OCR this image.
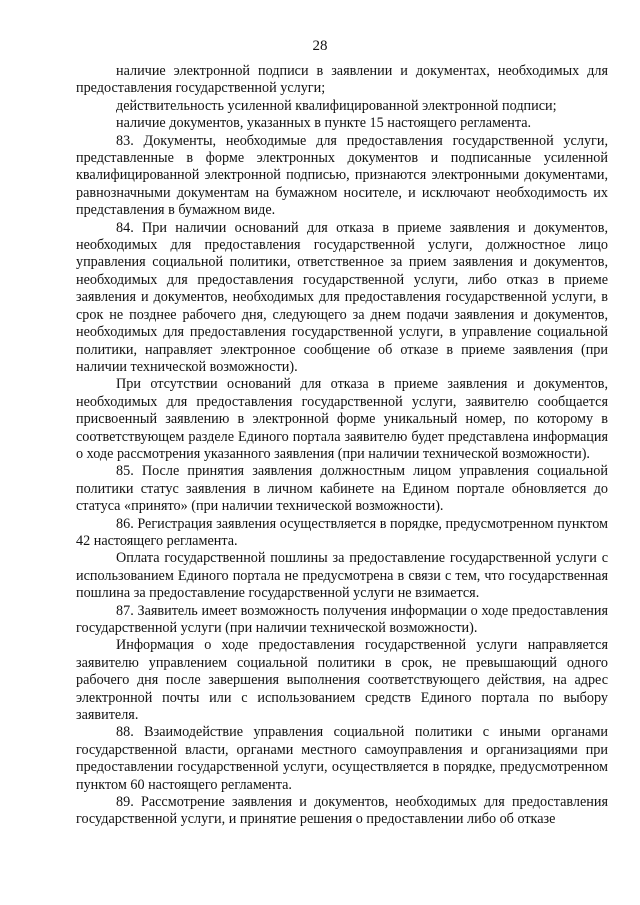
28

наличие электронной подписи в заявлении и документах, необходимых для предоставления государственной услуги;

действительность усиленной квалифицированной электронной подписи;

наличие документов, указанных в пункте 15 настоящего регламента.

83. Документы, необходимые для предоставления государственной услуги, представленные в форме электронных документов и подписанные усиленной квалифицированной электронной подписью, признаются электронными документами, равнозначными документам на бумажном носителе, и исключают необходимость их представления в бумажном виде.

84. При наличии оснований для отказа в приеме заявления и документов, необходимых для предоставления государственной услуги, должностное лицо управления социальной политики, ответственное за прием заявления и документов, необходимых для предоставления государственной услуги, либо отказ в приеме заявления и документов, необходимых для предоставления государственной услуги, в срок не позднее рабочего дня, следующего за днем подачи заявления и документов, необходимых для предоставления государственной услуги, в управление социальной политики, направляет электронное сообщение об отказе в приеме заявления (при наличии технической возможности).

При отсутствии оснований для отказа в приеме заявления и документов, необходимых для предоставления государственной услуги, заявителю сообщается присвоенный заявлению в электронной форме уникальный номер, по которому в соответствующем разделе Единого портала заявителю будет представлена информация о ходе рассмотрения указанного заявления (при наличии технической возможности).

85. После принятия заявления должностным лицом управления социальной политики статус заявления в личном кабинете на Едином портале обновляется до статуса «принято» (при наличии технической возможности).

86. Регистрация заявления осуществляется в порядке, предусмотренном пунктом 42 настоящего регламента.

Оплата государственной пошлины за предоставление государственной услуги с использованием Единого портала не предусмотрена в связи с тем, что государственная пошлина за предоставление государственной услуги не взимается.

87. Заявитель имеет возможность получения информации о ходе предоставления государственной услуги (при наличии технической возможности).

Информация о ходе предоставления государственной услуги направляется заявителю управлением социальной политики в срок, не превышающий одного рабочего дня после завершения выполнения соответствующего действия, на адрес электронной почты или с использованием средств Единого портала по выбору заявителя.

88. Взаимодействие управления социальной политики с иными органами государственной власти, органами местного самоуправления и организациями при предоставлении государственной услуги, осуществляется в порядке, предусмотренном пунктом 60 настоящего регламента.

89. Рассмотрение заявления и документов, необходимых для предоставления государственной услуги, и принятие решения о предоставлении либо об отказе
